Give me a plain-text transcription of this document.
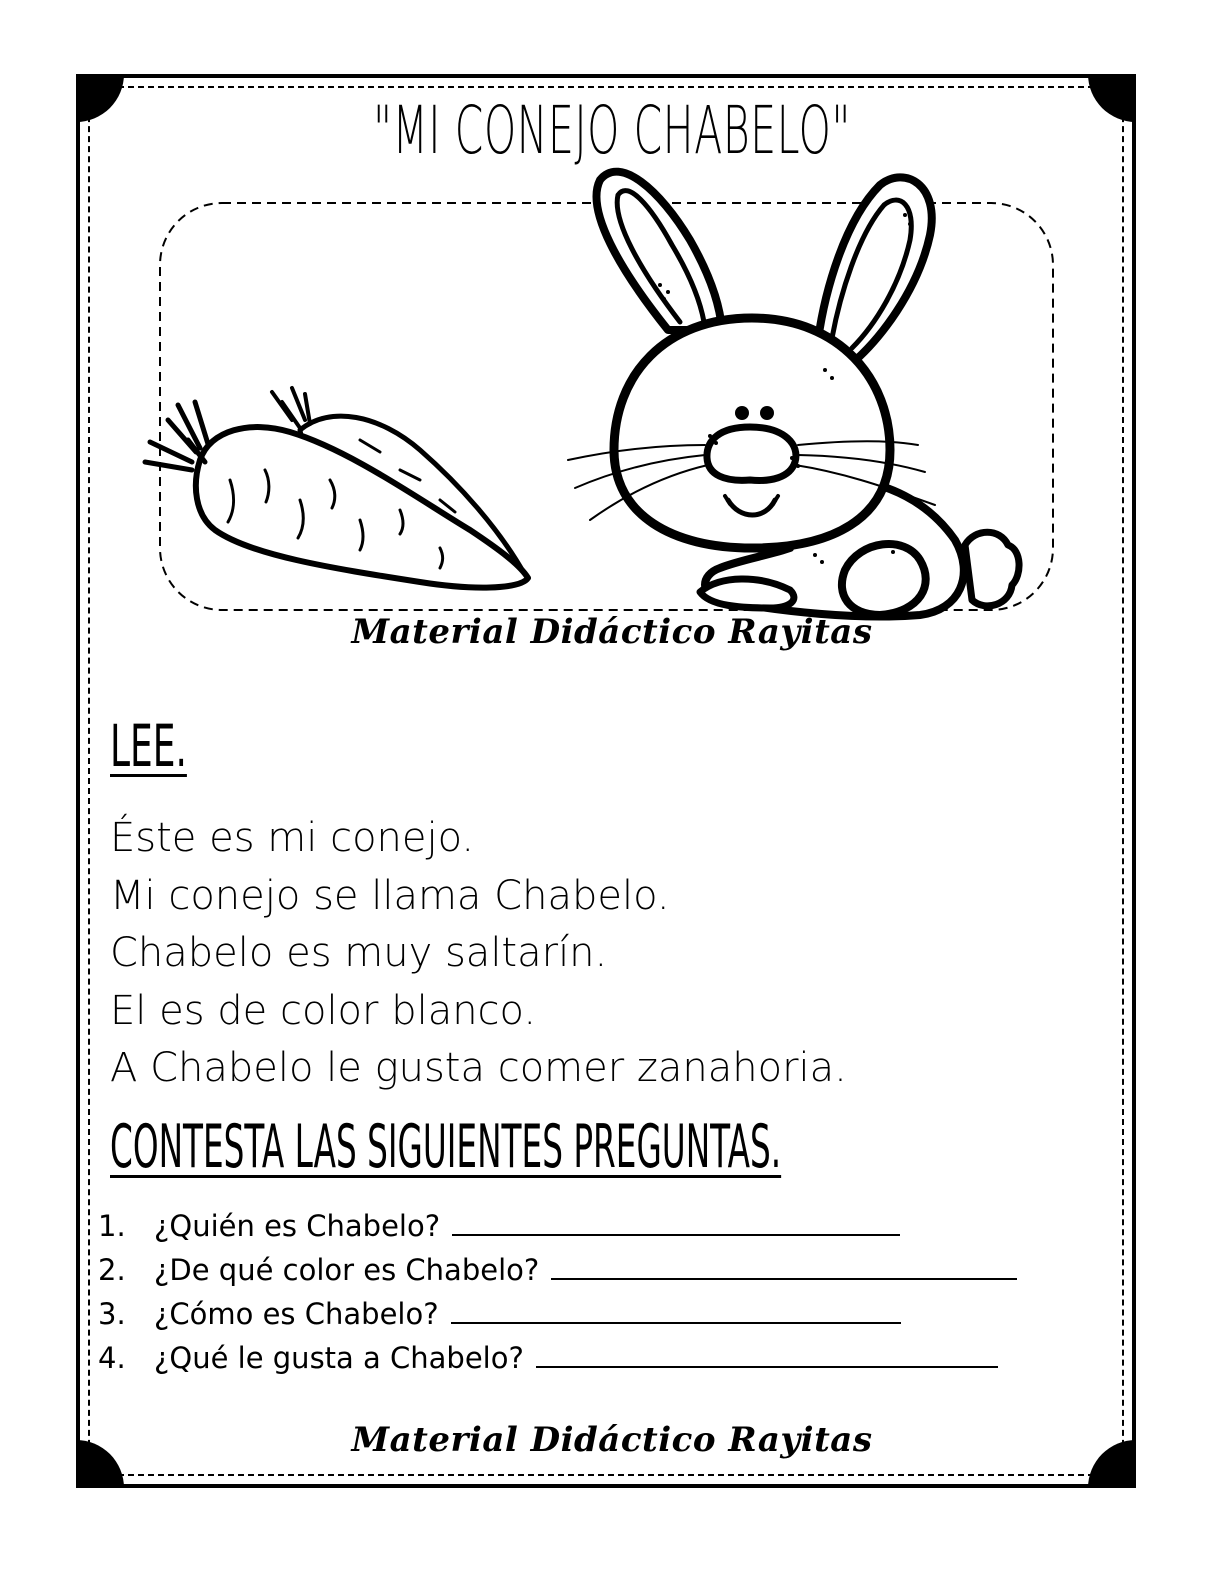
"MI CONEJO CHABELO"
Material Didáctico Rayitas
LEE.
Éste es mi conejo.
Mi conejo se llama Chabelo.
Chabelo es muy saltarín.
El es de color blanco.
A Chabelo le gusta comer zanahoria.
CONTESTA LAS SIGUIENTES PREGUNTAS.
1. ¿Quién es Chabelo?
2. ¿De qué color es Chabelo?
3. ¿Cómo es Chabelo?
4. ¿Qué le gusta a Chabelo?
Material Didáctico Rayitas
